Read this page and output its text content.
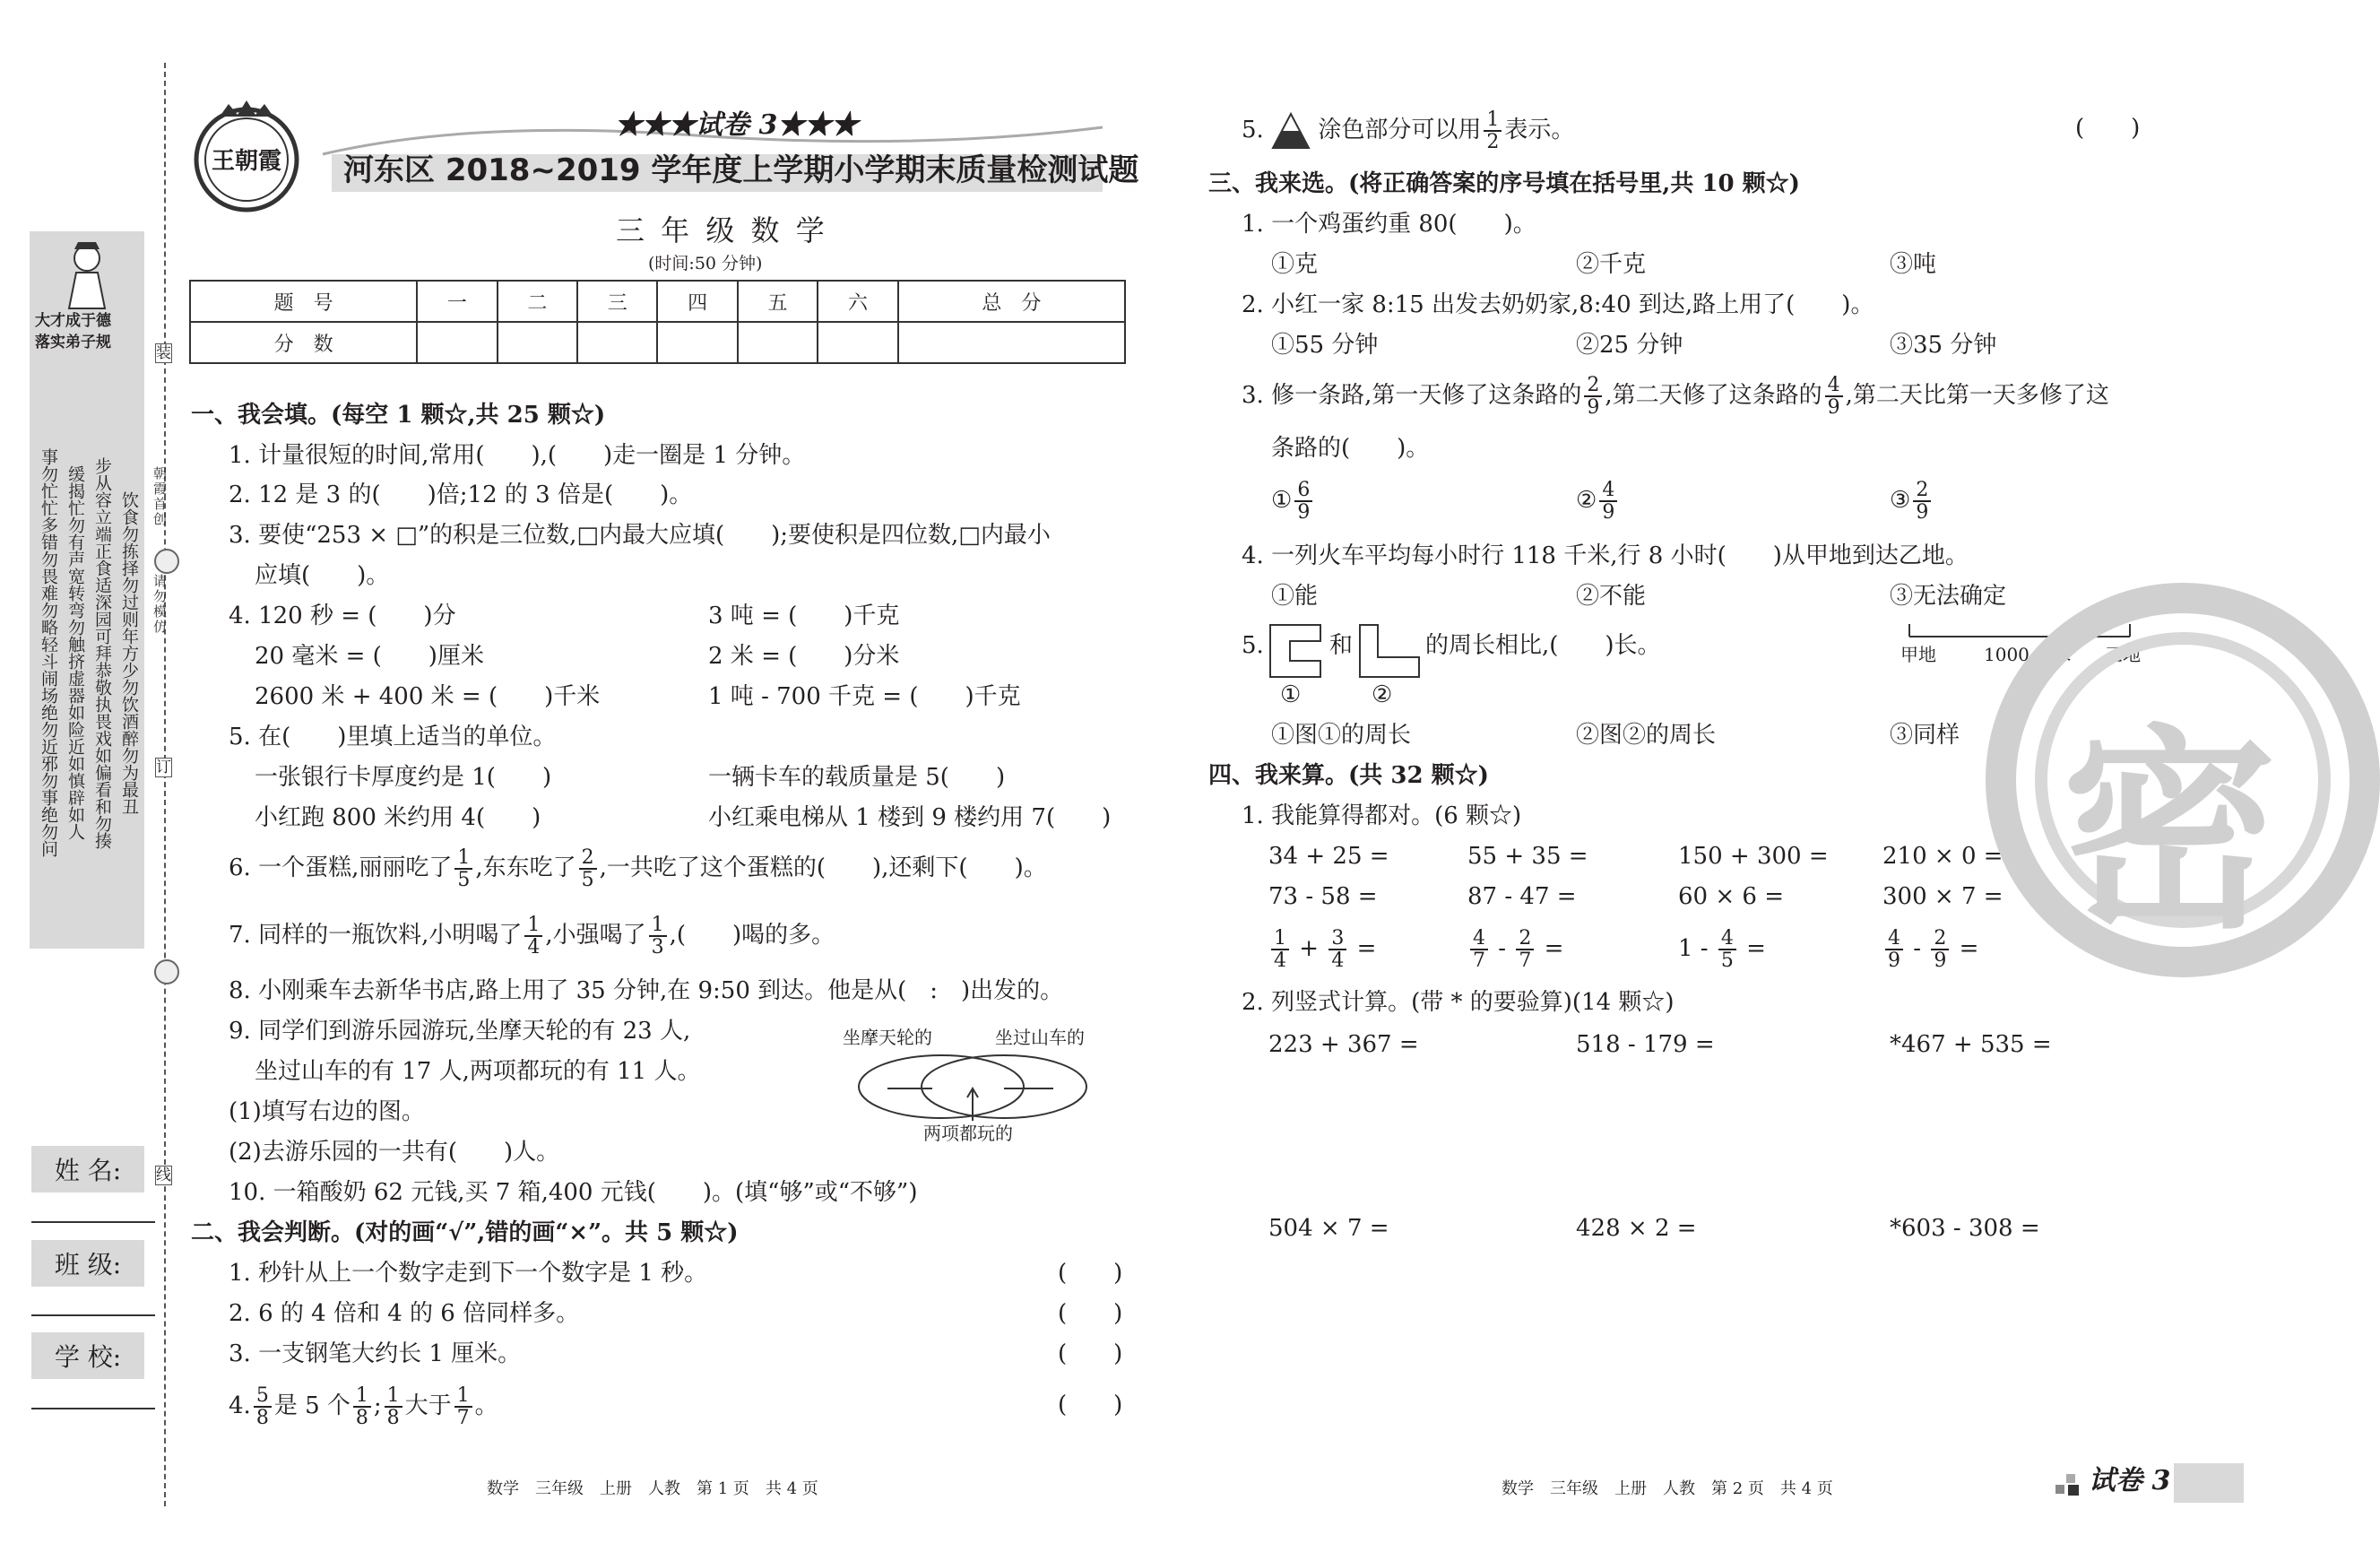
大才成于德
落实弟子规
事勿忙忙多错勿畏难勿略轻斗闹场绝勿近邪勿事绝勿问 缓揭忙勿有声宽转弯勿触挤虚器如险近如慎辟如人 步从容立端正食适深园可拜恭敬执畏戏如偏看和勿揍 饮食勿拣择勿过则年方少勿饮酒醉勿为最丑 朝霞首创
请勿模仿
装
订
线
姓 名:
班 级:
学 校:
王朝霞
★★★试卷 3★★★
河东区 2018~2019 学年度上学期小学期末质量检测试题
三 年 级 数 学
(时间:50 分钟)
题　号	一	二	三	四	五	六	总　分
分　数							
一、我会填。(每空 1 颗☆,共 25 颗☆)
1. 计量很短的时间,常用(　　),(　　)走一圈是 1 分钟。
2. 12 是 3 的(　　)倍;12 的 3 倍是(　　)。
3. 要使“253 × □”的积是三位数,□内最大应填(　　);要使积是四位数,□内最小
应填(　　)。
4. 120 秒 = (　　)分	3 吨 = (　　)千克
20 毫米 = (　　)厘米	2 米 = (　　)分米
2600 米 + 400 米 = (　　)千米	1 吨 - 700 千克 = (　　)千克
5. 在(　　)里填上适当的单位。
一张银行卡厚度约是 1(　　)	一辆卡车的载质量是 5(　　)
小红跑 800 米约用 4(　　)	小红乘电梯从 1 楼到 9 楼约用 7(　　)
6. 一个蛋糕,丽丽吃了 $\frac{1}{5}$ ,东东吃了 $\frac{2}{5}$ ,一共吃了这个蛋糕的(　　),还剩下(　　)。
7. 同样的一瓶饮料,小明喝了 $\frac{1}{4}$ ,小强喝了 $\frac{1}{3}$ ,(　　)喝的多。
8. 小刚乘车去新华书店,路上用了 35 分钟,在 9:50 到达。他是从(　:　)出发的。
9. 同学们到游乐园游玩,坐摩天轮的有 23 人,
坐过山车的有 17 人,两项都玩的有 11 人。
(1)填写右边的图。
(2)去游乐园的一共有(　　)人。
坐摩天轮的	坐过山车的
两项都玩的
10. 一箱酸奶 62 元钱,买 7 箱,400 元钱(　　)。(填“够”或“不够”)
二、我会判断。(对的画“√”,错的画“×”。共 5 颗☆)
1. 秒针从上一个数字走到下一个数字是 1 秒。	(　　)
2. 6 的 4 倍和 4 的 6 倍同样多。	(　　)
3. 一支钢笔大约长 1 厘米。	(　　)
4. $\frac{5}{8}$ 是 5 个 $\frac{1}{8}$ ; $\frac{1}{8}$ 大于 $\frac{1}{7}$ 。	(　　)
5. 涂色部分可以用 $\frac{1}{2}$ 表示。	(　　)
三、我来选。(将正确答案的序号填在括号里,共 10 颗☆)
1. 一个鸡蛋约重 80(　　)。
①克	②千克	③吨
2. 小红一家 8:15 出发去奶奶家,8:40 到达,路上用了(　　)。
①55 分钟	②25 分钟	③35 分钟
3. 修一条路,第一天修了这条路的 $\frac{2}{9}$ ,第二天修了这条路的 $\frac{4}{9}$ ,第二天比第一天多修了这
条路的(　　)。
① $\frac{6}{9}$	② $\frac{4}{9}$	③ $\frac{2}{9}$
4. 一列火车平均每小时行 118 千米,行 8 小时(　　)从甲地到达乙地。
①能	②不能	③无法确定
甲地	1000 千米 乙地
5.	和	的周长相比,(　　)长。
①	②
①图①的周长	②图②的周长	③同样
四、我来算。(共 32 颗☆)
1. 我能算得都对。(6 颗☆)
34 + 25 =	55 + 35 =	150 + 300 = 210 × 0 =
73 - 58 =	87 - 47 =	60 × 6 =	300 × 7 =
$\frac{1}{4} + \frac{3}{4}$ =	$\frac{4}{7} - \frac{2}{7}$ =	$1 - \frac{4}{5}$ =	$\frac{4}{9} - \frac{2}{9}$ =
2. 列竖式计算。(带 * 的要验算)(14 颗☆)
223 + 367 =	518 - 179 =	*467 + 535 =
504 × 7 =	428 × 2 =	*603 - 308 =
密
数学　三年级　上册　人教　第 1 页　共 4 页	数学　三年级　上册　人教　第 2 页　共 4 页	试卷 3
